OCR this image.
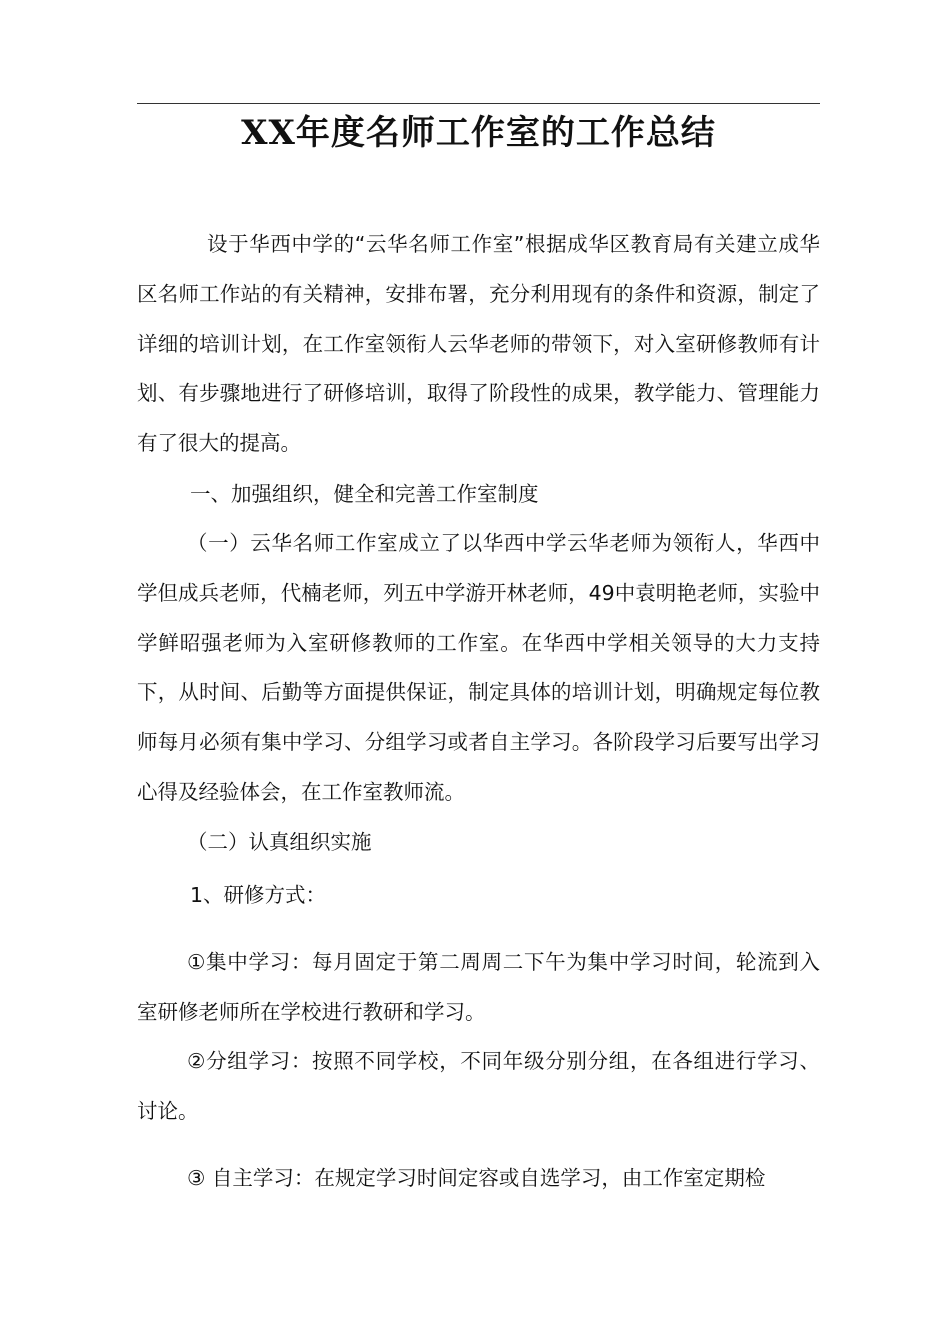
XX年度名师工作室的工作总结

设于华西中学的“云华名师工作室”根据成华区教育局有关建立成华区名师工作站的有关精神，安排布署，充分利用现有的条件和资源，制定了详细的培训计划，在工作室领衔人云华老师的带领下，对入室研修教师有计划、有步骤地进行了研修培训，取得了阶段性的成果，教学能力、管理能力有了很大的提高。

一、加强组织，健全和完善工作室制度

（一）云华名师工作室成立了以华西中学云华老师为领衔人，华西中学但成兵老师，代楠老师，列五中学游开林老师，49中袁明艳老师，实验中学鲜昭强老师为入室研修教师的工作室。在华西中学相关领导的大力支持下，从时间、后勤等方面提供保证，制定具体的培训计划，明确规定每位教师每月必须有集中学习、分组学习或者自主学习。各阶段学习后要写出学习心得及经验体会，在工作室教师流。

（二）认真组织实施

1、研修方式：

①集中学习：每月固定于第二周周二下午为集中学习时间，轮流到入室研修老师所在学校进行教研和学习。

②分组学习：按照不同学校，不同年级分别分组，在各组进行学习、讨论。

③ 自主学习：在规定学习时间定容或自选学习，由工作室定期检
